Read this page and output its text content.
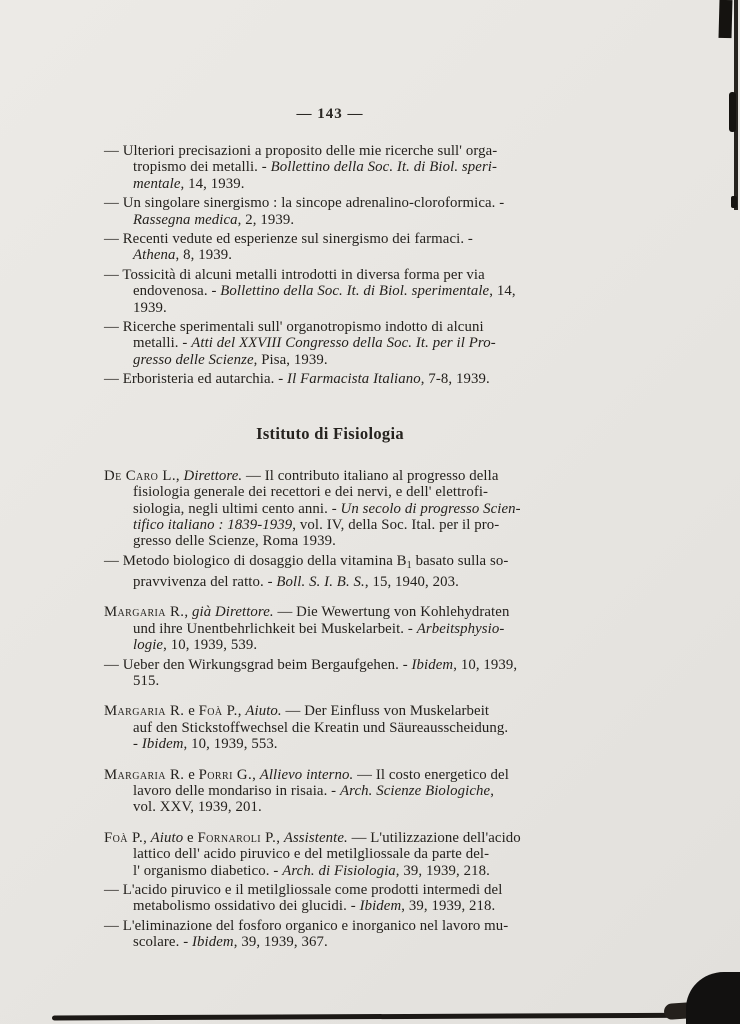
— 143 —
— Ulteriori precisazioni a proposito delle mie ricerche sull' orga-
tropismo dei metalli. - Bollettino della Soc. It. di Biol. speri-
mentale, 14, 1939.
— Un singolare sinergismo : la sincope adrenalino-cloroformica. -
Rassegna medica, 2, 1939.
— Recenti vedute ed esperienze sul sinergismo dei farmaci. -
Athena, 8, 1939.
— Tossicità di alcuni metalli introdotti in diversa forma per via
endovenosa. - Bollettino della Soc. It. di Biol. sperimentale, 14,
1939.
— Ricerche sperimentali sull' organotropismo indotto di alcuni
metalli. - Atti del XXVIII Congresso della Soc. It. per il Pro-
gresso delle Scienze, Pisa, 1939.
— Erboristeria ed autarchia. - Il Farmacista Italiano, 7-8, 1939.
Istituto di Fisiologia
De Caro L., Direttore. — Il contributo italiano al progresso della
fisiologia generale dei recettori e dei nervi, e dell' elettrofi-
siologia, negli ultimi cento anni. - Un secolo di progresso Scien-
tifico italiano : 1839-1939, vol. IV, della Soc. Ital. per il pro-
gresso delle Scienze, Roma 1939.
— Metodo biologico di dosaggio della vitamina B1 basato sulla so-
pravvivenza del ratto. - Boll. S. I. B. S., 15, 1940, 203.
Margaria R., già Direttore. — Die Wewertung von Kohlehydraten
und ihre Unentbehrlichkeit bei Muskelarbeit. - Arbeitsphysio-
logie, 10, 1939, 539.
— Ueber den Wirkungsgrad beim Bergaufgehen. - Ibidem, 10, 1939,
515.
Margaria R. e Foà P., Aiuto. — Der Einfluss von Muskelarbeit
auf den Stickstoffwechsel die Kreatin und Säureausscheidung.
- Ibidem, 10, 1939, 553.
Margaria R. e Porri G., Allievo interno. — Il costo energetico del
lavoro delle mondariso in risaia. - Arch. Scienze Biologiche,
vol. XXV, 1939, 201.
Foà P., Aiuto e Fornaroli P., Assistente. — L'utilizzazione dell'acido
lattico dell' acido piruvico e del metilgliossale da parte del-
l' organismo diabetico. - Arch. di Fisiologia, 39, 1939, 218.
— L'acido piruvico e il metilgliossale come prodotti intermedi del
metabolismo ossidativo dei glucidi. - Ibidem, 39, 1939, 218.
— L'eliminazione del fosforo organico e inorganico nel lavoro mu-
scolare. - Ibidem, 39, 1939, 367.
